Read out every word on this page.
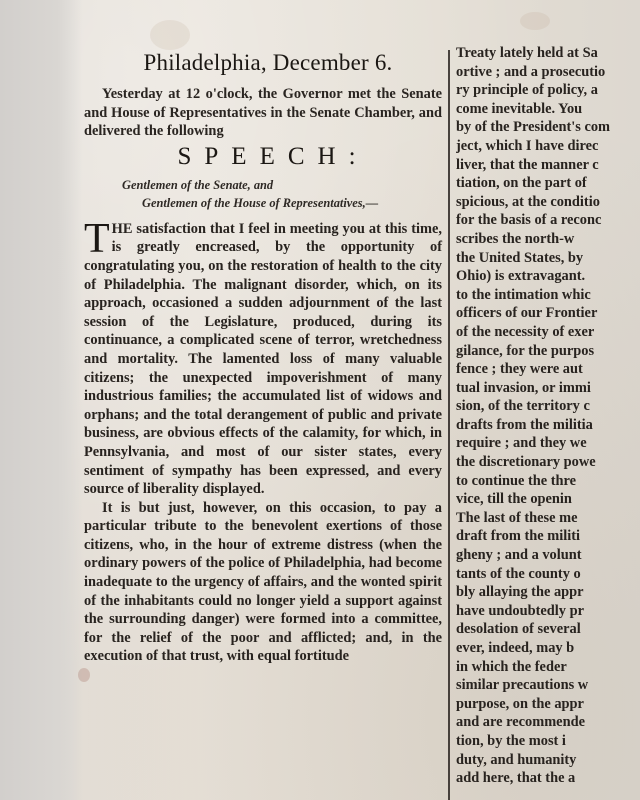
Philadelphia, December 6.

Yesterday at 12 o'clock, the Governor met the Senate and House of Representatives in the Senate Chamber, and delivered the following

SPEECH:

Gentlemen of the Senate, and

Gentlemen of the House of Representatives,—

THE satisfaction that I feel in meeting you at this time, is greatly encreased, by the opportunity of congratulating you, on the restoration of health to the city of Philadelphia. The malignant disorder, which, on its approach, occasioned a sudden adjournment of the last session of the Legislature, produced, during its continuance, a complicated scene of terror, wretchedness and mortality. The lamented loss of many valuable citizens; the unexpected impoverishment of many industrious families; the accumulated list of widows and orphans; and the total derangement of public and private business, are obvious effects of the calamity, for which, in Pennsylvania, and most of our sister states, every sentiment of sympathy has been expressed, and every source of liberality displayed.

It is but just, however, on this occasion, to pay a particular tribute to the benevolent exertions of those citizens, who, in the hour of extreme distress (when the ordinary powers of the police of Philadelphia, had become inadequate to the urgency of affairs, and the wonted spirit of the inhabitants could no longer yield a support against the surrounding danger) were formed into a committee, for the relief of the poor and afflicted; and, in the execution of that trust, with equal fortitude

Treaty lately held at Sa
ortive ; and a prosecutio
ry principle of policy, a
come inevitable. You
by of the President's com
ject, which I have direc
liver, that the manner c
tiation, on the part of
spicious, at the conditio
for the basis of a reconc
scribes the north-w
the United States, by
Ohio) is extravagant.
to the intimation whic
officers of our Frontier
of the necessity of exer
gilance, for the purpos
fence ; they were aut
tual invasion, or immi
sion, of the territory c
drafts from the militia
require ; and they we
the discretionary powe
to continue the thre
vice, till the openin
The last of these me
draft from the militi
gheny ; and a volunt
tants of the county o
bly allaying the appr
have undoubtedly pr
desolation of several
ever, indeed, may b
in which the feder
similar precautions w
purpose, on the appr
and are recommende
tion, by the most i
duty, and humanity
add here, that the a
